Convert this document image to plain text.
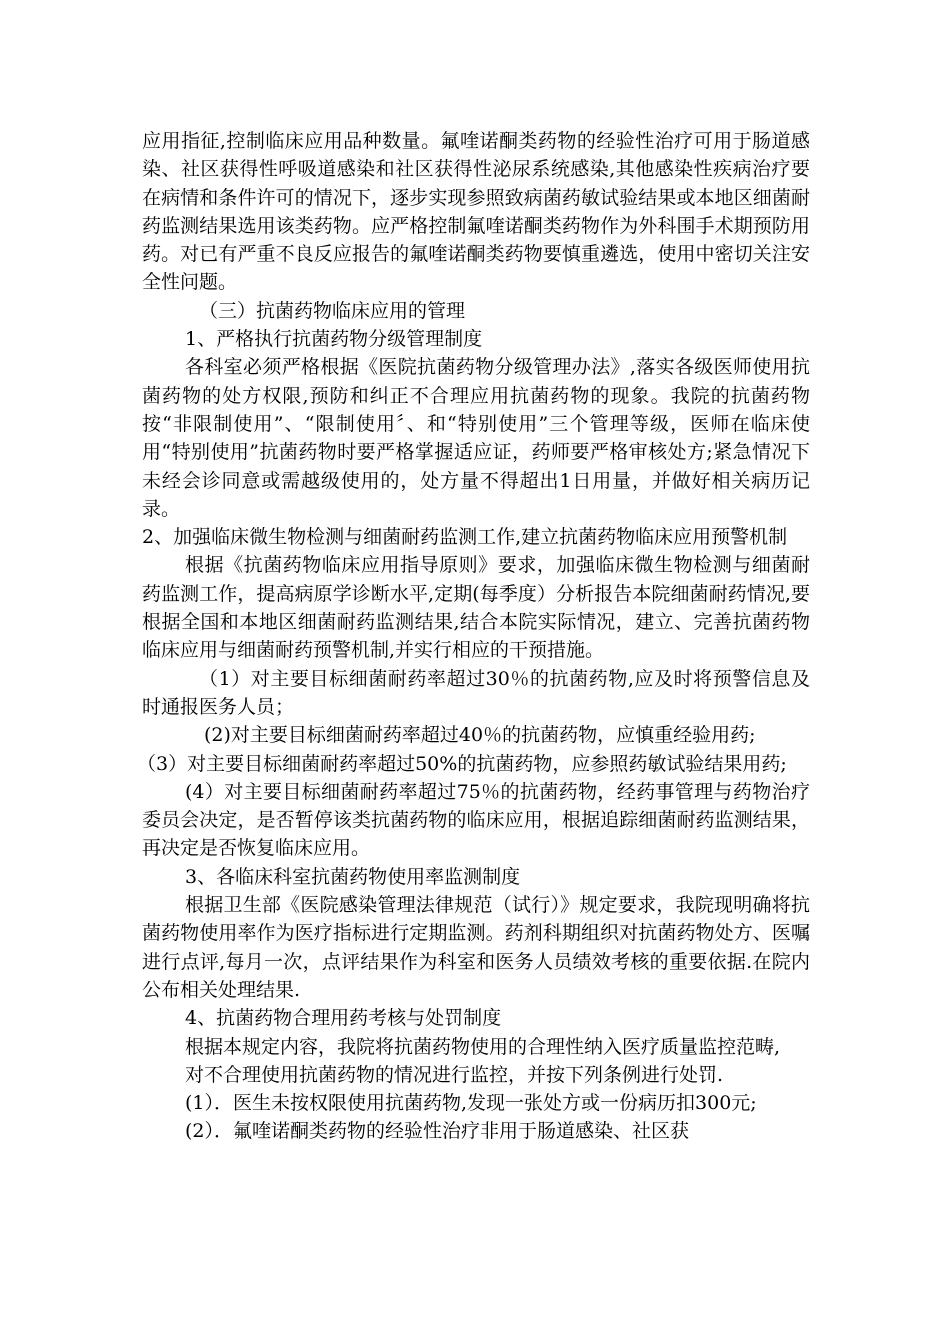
应用指征,控制临床应用品种数量。氟喹诺酮类药物的经验性治疗可用于肠道感染、社区获得性呼吸道感染和社区获得性泌尿系统感染,其他感染性疾病治疗要在病情和条件许可的情况下，逐步实现参照致病菌药敏试验结果或本地区细菌耐药监测结果选用该类药物。应严格控制氟喹诺酮类药物作为外科围手术期预防用药。对已有严重不良反应报告的氟喹诺酮类药物要慎重遴选，使用中密切关注安全性问题。

（三）抗菌药物临床应用的管理

1、严格执行抗菌药物分级管理制度

各科室必须严格根据《医院抗菌药物分级管理办法》,落实各级医师使用抗菌药物的处方权限,预防和纠正不合理应用抗菌药物的现象。我院的抗菌药物按“非限制使用”、“限制使用〞、和“特别使用”三个管理等级，医师在临床使用“特别使用”抗菌药物时要严格掌握适应证，药师要严格审核处方;紧急情况下未经会诊同意或需越级使用的，处方量不得超出1日用量，并做好相关病历记录。

2、加强临床微生物检测与细菌耐药监测工作,建立抗菌药物临床应用预警机制

根据《抗菌药物临床应用指导原则》要求，加强临床微生物检测与细菌耐药监测工作，提高病原学诊断水平,定期(每季度）分析报告本院细菌耐药情况,要根据全国和本地区细菌耐药监测结果,结合本院实际情况，建立、完善抗菌药物临床应用与细菌耐药预警机制,并实行相应的干预措施。

（1）对主要目标细菌耐药率超过30％的抗菌药物,应及时将预警信息及时通报医务人员；

(2)对主要目标细菌耐药率超过40％的抗菌药物，应慎重经验用药;

（3）对主要目标细菌耐药率超过50%的抗菌药物，应参照药敏试验结果用药;

(4）对主要目标细菌耐药率超过75％的抗菌药物，经药事管理与药物治疗委员会决定，是否暂停该类抗菌药物的临床应用，根据追踪细菌耐药监测结果，再决定是否恢复临床应用。

3、各临床科室抗菌药物使用率监测制度

根据卫生部《医院感染管理法律规范（试行）》规定要求，我院现明确将抗菌药物使用率作为医疗指标进行定期监测。药剂科期组织对抗菌药物处方、医嘱进行点评,每月一次，点评结果作为科室和医务人员绩效考核的重要依据.在院内公布相关处理结果.

4、抗菌药物合理用药考核与处罚制度

根据本规定内容，我院将抗菌药物使用的合理性纳入医疗质量监控范畴,

对不合理使用抗菌药物的情况进行监控，并按下列条例进行处罚.

(1）．医生未按权限使用抗菌药物,发现一张处方或一份病历扣300元;

(2）．氟喹诺酮类药物的经验性治疗非用于肠道感染、社区获
